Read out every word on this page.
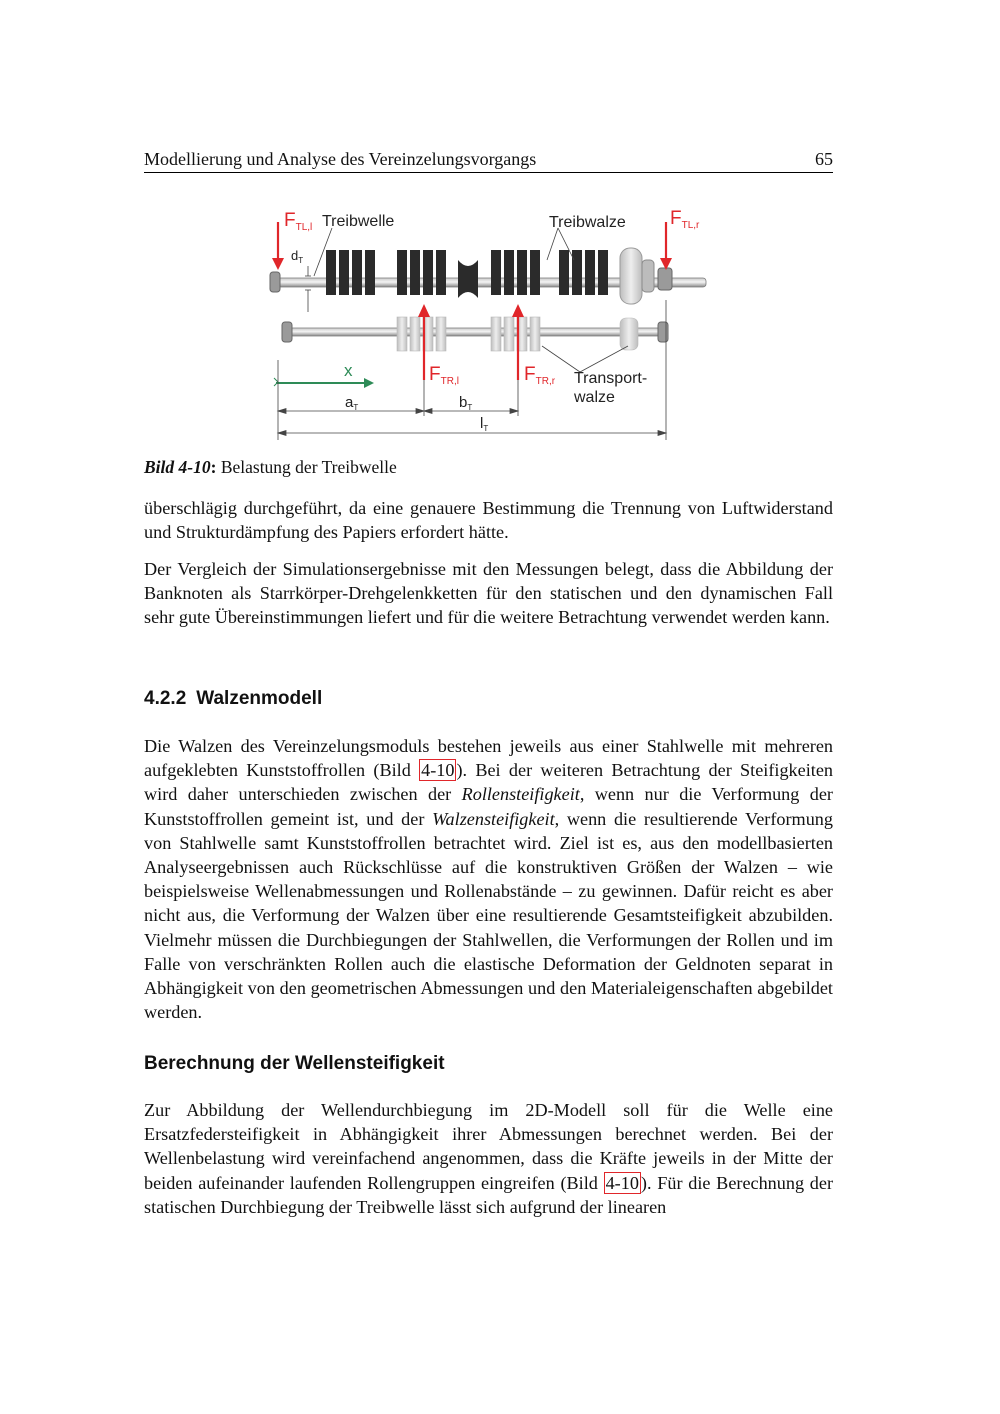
Modellierung und Analyse des Vereinzelungsvorgangs	65
$F_{TL,l}$ Treibwelle	Treibwalze $F_{TL,r}$
$d_T$
x	$F_{TR,l}$	$F_{TR,r}$ Transport-
walze
$a_T$	$b_T$
$l_T$
Bild 4-10: Belastung der Treibwelle

überschlägig durchgeführt, da eine genauere Bestimmung die Trennung von Luftwiderstand und Strukturdämpfung des Papiers erfordert hätte.

Der Vergleich der Simulationsergebnisse mit den Messungen belegt, dass die Abbildung der Banknoten als Starrkörper-Drehgelenkketten für den statischen und den dynamischen Fall sehr gute Übereinstimmungen liefert und für die weitere Betrachtung verwendet werden kann.

4.2.2 Walzenmodell

Die Walzen des Vereinzelungsmoduls bestehen jeweils aus einer Stahlwelle mit mehreren aufgeklebten Kunststoffrollen (Bild 4-10 ). Bei der weiteren Betrachtung der Steifigkeiten wird daher unterschieden zwischen der Rollensteifigkeit, wenn nur die Verformung der Kunststoffrollen gemeint ist, und der Walzensteifigkeit, wenn die resultierende Verformung von Stahlwelle samt Kunststoffrollen betrachtet wird. Ziel ist es, aus den modellbasierten Analyseergebnissen auch Rückschlüsse auf die konstruktiven Größen der Walzen – wie beispielsweise Wellenabmessungen und Rollenabstände – zu gewinnen. Dafür reicht es aber nicht aus, die Verformung der Walzen über eine resultierende Gesamtsteifigkeit abzubilden. Vielmehr müssen die Durchbiegungen der Stahlwellen, die Verformungen der Rollen und im Falle von verschränkten Rollen auch die elastische Deformation der Geldnoten separat in Abhängigkeit von den geometrischen Abmessungen und den Materialeigenschaften abgebildet werden.

Berechnung der Wellensteifigkeit

Zur Abbildung der Wellendurchbiegung im 2D-Modell soll für die Welle eine Ersatzfedersteifigkeit in Abhängigkeit ihrer Abmessungen berechnet werden. Bei der Wellenbelastung wird vereinfachend angenommen, dass die Kräfte jeweils in der Mitte der beiden aufeinander laufenden Rollengruppen eingreifen (Bild 4-10 ). Für die Berechnung der statischen Durchbiegung der Treibwelle lässt sich aufgrund der linearen
